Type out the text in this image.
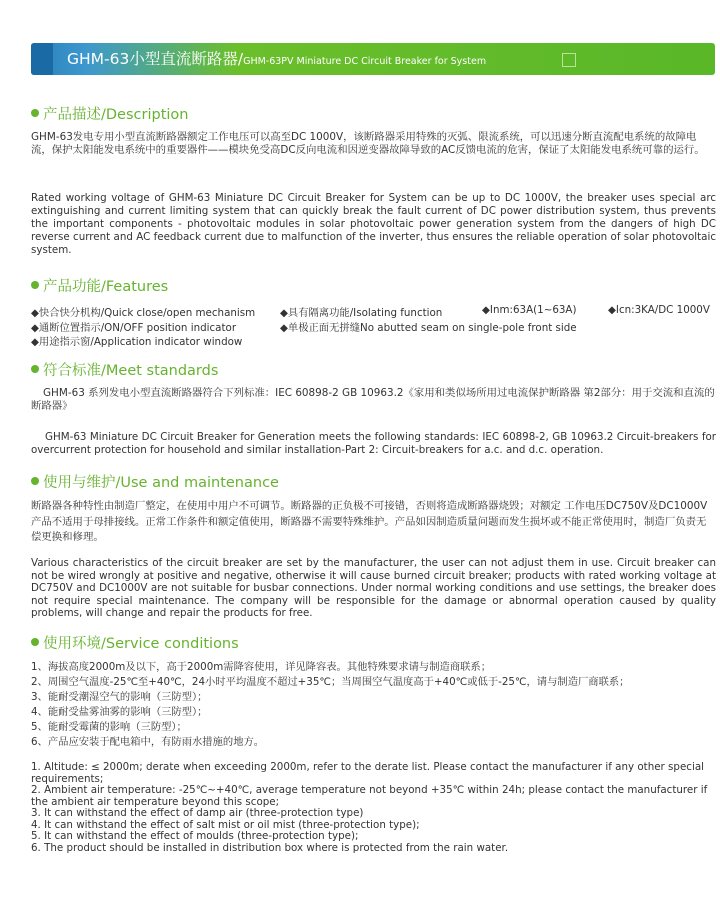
GHM-63小型直流断路器/GHM-63PV Miniature DC Circuit Breaker for System
产品描述/Description
GHM-63发电专用小型直流断路器额定工作电压可以高至DC 1000V，该断路器采用特殊的灭弧、限流系统，可以迅速分断直流配电系统的故障电流，保护太阳能发电系统中的重要器件——模块免受高DC反向电流和因逆变器故障导致的AC反馈电流的危害，保证了太阳能发电系统可靠的运行。
Rated working voltage of GHM-63 Miniature DC Circuit Breaker for System can be up to DC 1000V, the breaker uses special arc extinguishing and current limiting system that can quickly break the fault current of DC power distribution system, thus prevents the important components - photovoltaic modules in solar photovoltaic power generation system from the dangers of high DC reverse current and AC feedback current due to malfunction of the inverter, thus ensures the reliable operation of solar photovoltaic system.
产品功能/Features
◆快合快分机构/Quick close/open mechanism ◆具有隔离功能/Isolating function	◆Inm:63A(1~63A)	◆Icn:3KA/DC 1000V
◆通断位置指示/ON/OFF position indicator	◆单极正面无拼缝No abutted seam on single-pole front side
◆用途指示窗/Application indicator window
符合标准/Meet standards
GHM-63 系列发电小型直流断路器符合下列标准：IEC 60898-2 GB 10963.2《家用和类似场所用过电流保护断路器 第2部分：用于交流和直流的断路器》
GHM-63 Miniature DC Circuit Breaker for Generation meets the following standards: IEC 60898-2, GB 10963.2 Circuit-breakers for overcurrent protection for household and similar installation-Part 2: Circuit-breakers for a.c. and d.c. operation.
使用与维护/Use and maintenance
断路器各种特性由制造厂整定，在使用中用户不可调节。断路器的正负极不可接错，否则将造成断路器烧毁；对额定 工作电压DC750V及DC1000V产品不适用于母排接线。正常工作条件和额定值使用，断路器不需要特殊维护。产品如因制造质量问题而发生损坏或不能正常使用时，制造厂负责无偿更换和修理。
Various characteristics of the circuit breaker are set by the manufacturer, the user can not adjust them in use. Circuit breaker can not be wired wrongly at positive and negative, otherwise it will cause burned circuit breaker; products with rated working voltage at DC750V and DC1000V are not suitable for busbar connections. Under normal working conditions and use settings, the breaker does not require special maintenance. The company will be responsible for the damage or abnormal operation caused by quality problems, will change and repair the products for free.
使用环境/Service conditions
1、海拔高度2000m及以下，高于2000m需降容使用，详见降容表。其他特殊要求请与制造商联系；
2、周围空气温度-25℃至+40℃，24小时平均温度不超过+35℃；当周围空气温度高于+40℃或低于-25℃，请与制造厂商联系；
3、能耐受潮湿空气的影响（三防型）；
4、能耐受盐雾油雾的影响（三防型）；
5、能耐受霉菌的影响（三防型）；
6、产品应安装于配电箱中，有防雨水措施的地方。
1. Altitude: ≤ 2000m; derate when exceeding 2000m, refer to the derate list. Please contact the manufacturer if any other special requirements;
2. Ambient air temperature: -25℃~+40℃, average temperature not beyond +35℃ within 24h; please contact the manufacturer if the ambient air temperature beyond this scope;
3. It can withstand the effect of damp air (three-protection type)
4. It can withstand the effect of salt mist or oil mist (three-protection type);
5. It can withstand the effect of moulds (three-protection type);
6. The product should be installed in distribution box where is protected from the rain water.
